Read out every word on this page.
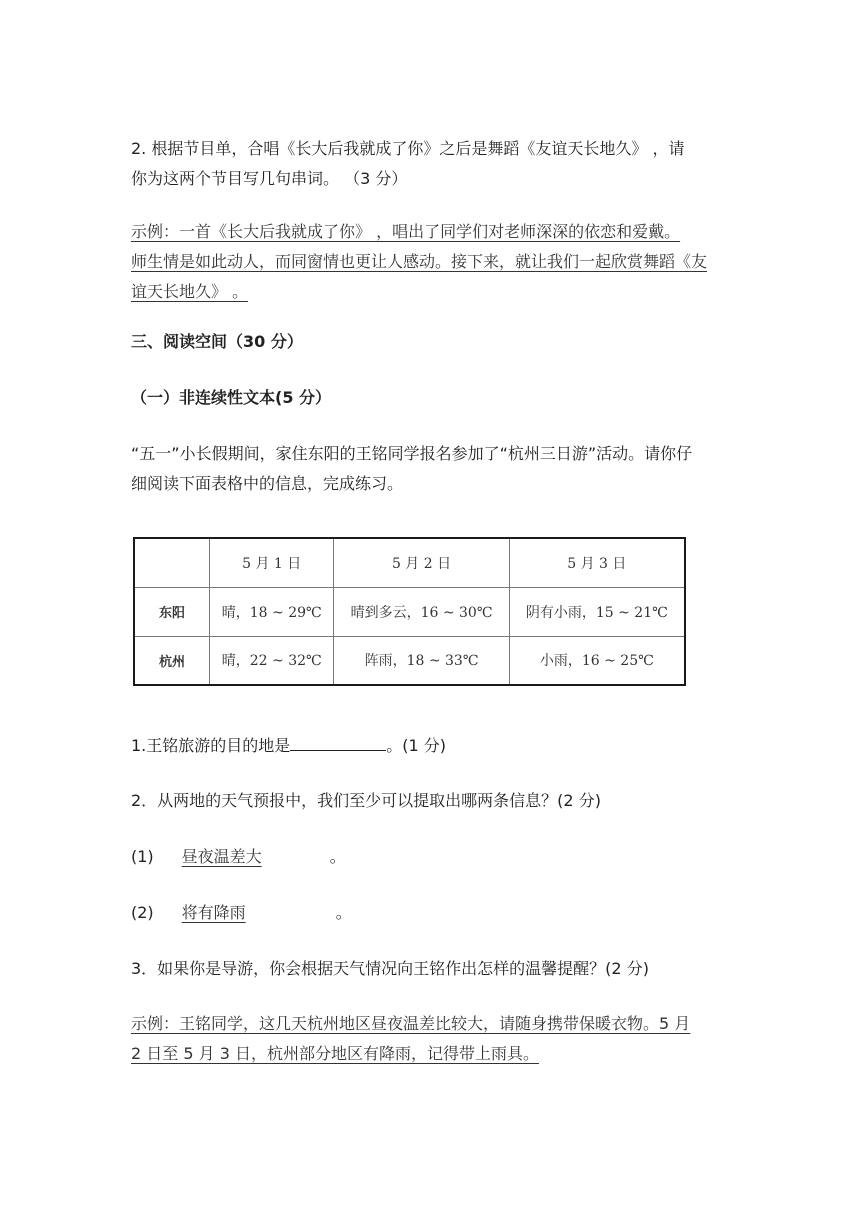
2. 根据节目单，合唱《长大后我就成了你》之后是舞蹈《友谊天长地久》 ，请
你为这两个节目写几句串词。 （3 分）
示例：一首《长大后我就成了你》 ，唱出了同学们对老师深深的依恋和爱戴。
师生情是如此动人，而同窗情也更让人感动。接下来，就让我们一起欣赏舞蹈《友
谊天长地久》 。
三、阅读空间（30 分）
（一）非连续性文本(5 分）
“五一”小长假期间，家住东阳的王铭同学报名参加了“杭州三日游”活动。请你仔
细阅读下面表格中的信息，完成练习。
	5 月 1 日	5 月 2 日	5 月 3 日
东阳	晴，18 ~ 29℃	晴到多云，16 ~ 30℃	阴有小雨，15 ~ 21℃
杭州	晴，22 ~ 32℃	阵雨，18 ~ 33℃	小雨，16 ~ 25℃
1.王铭旅游的目的地是	。(1 分)
2．从两地的天气预报中，我们至少可以提取出哪两条信息？(2 分)
(1) 昼夜温差大	。
(2) 将有降雨	。
3．如果你是导游，你会根据天气情况向王铭作出怎样的温馨提醒？(2 分)
示例：王铭同学，这几天杭州地区昼夜温差比较大，请随身携带保暖衣物。5 月
2 日至 5 月 3 日，杭州部分地区有降雨，记得带上雨具。
